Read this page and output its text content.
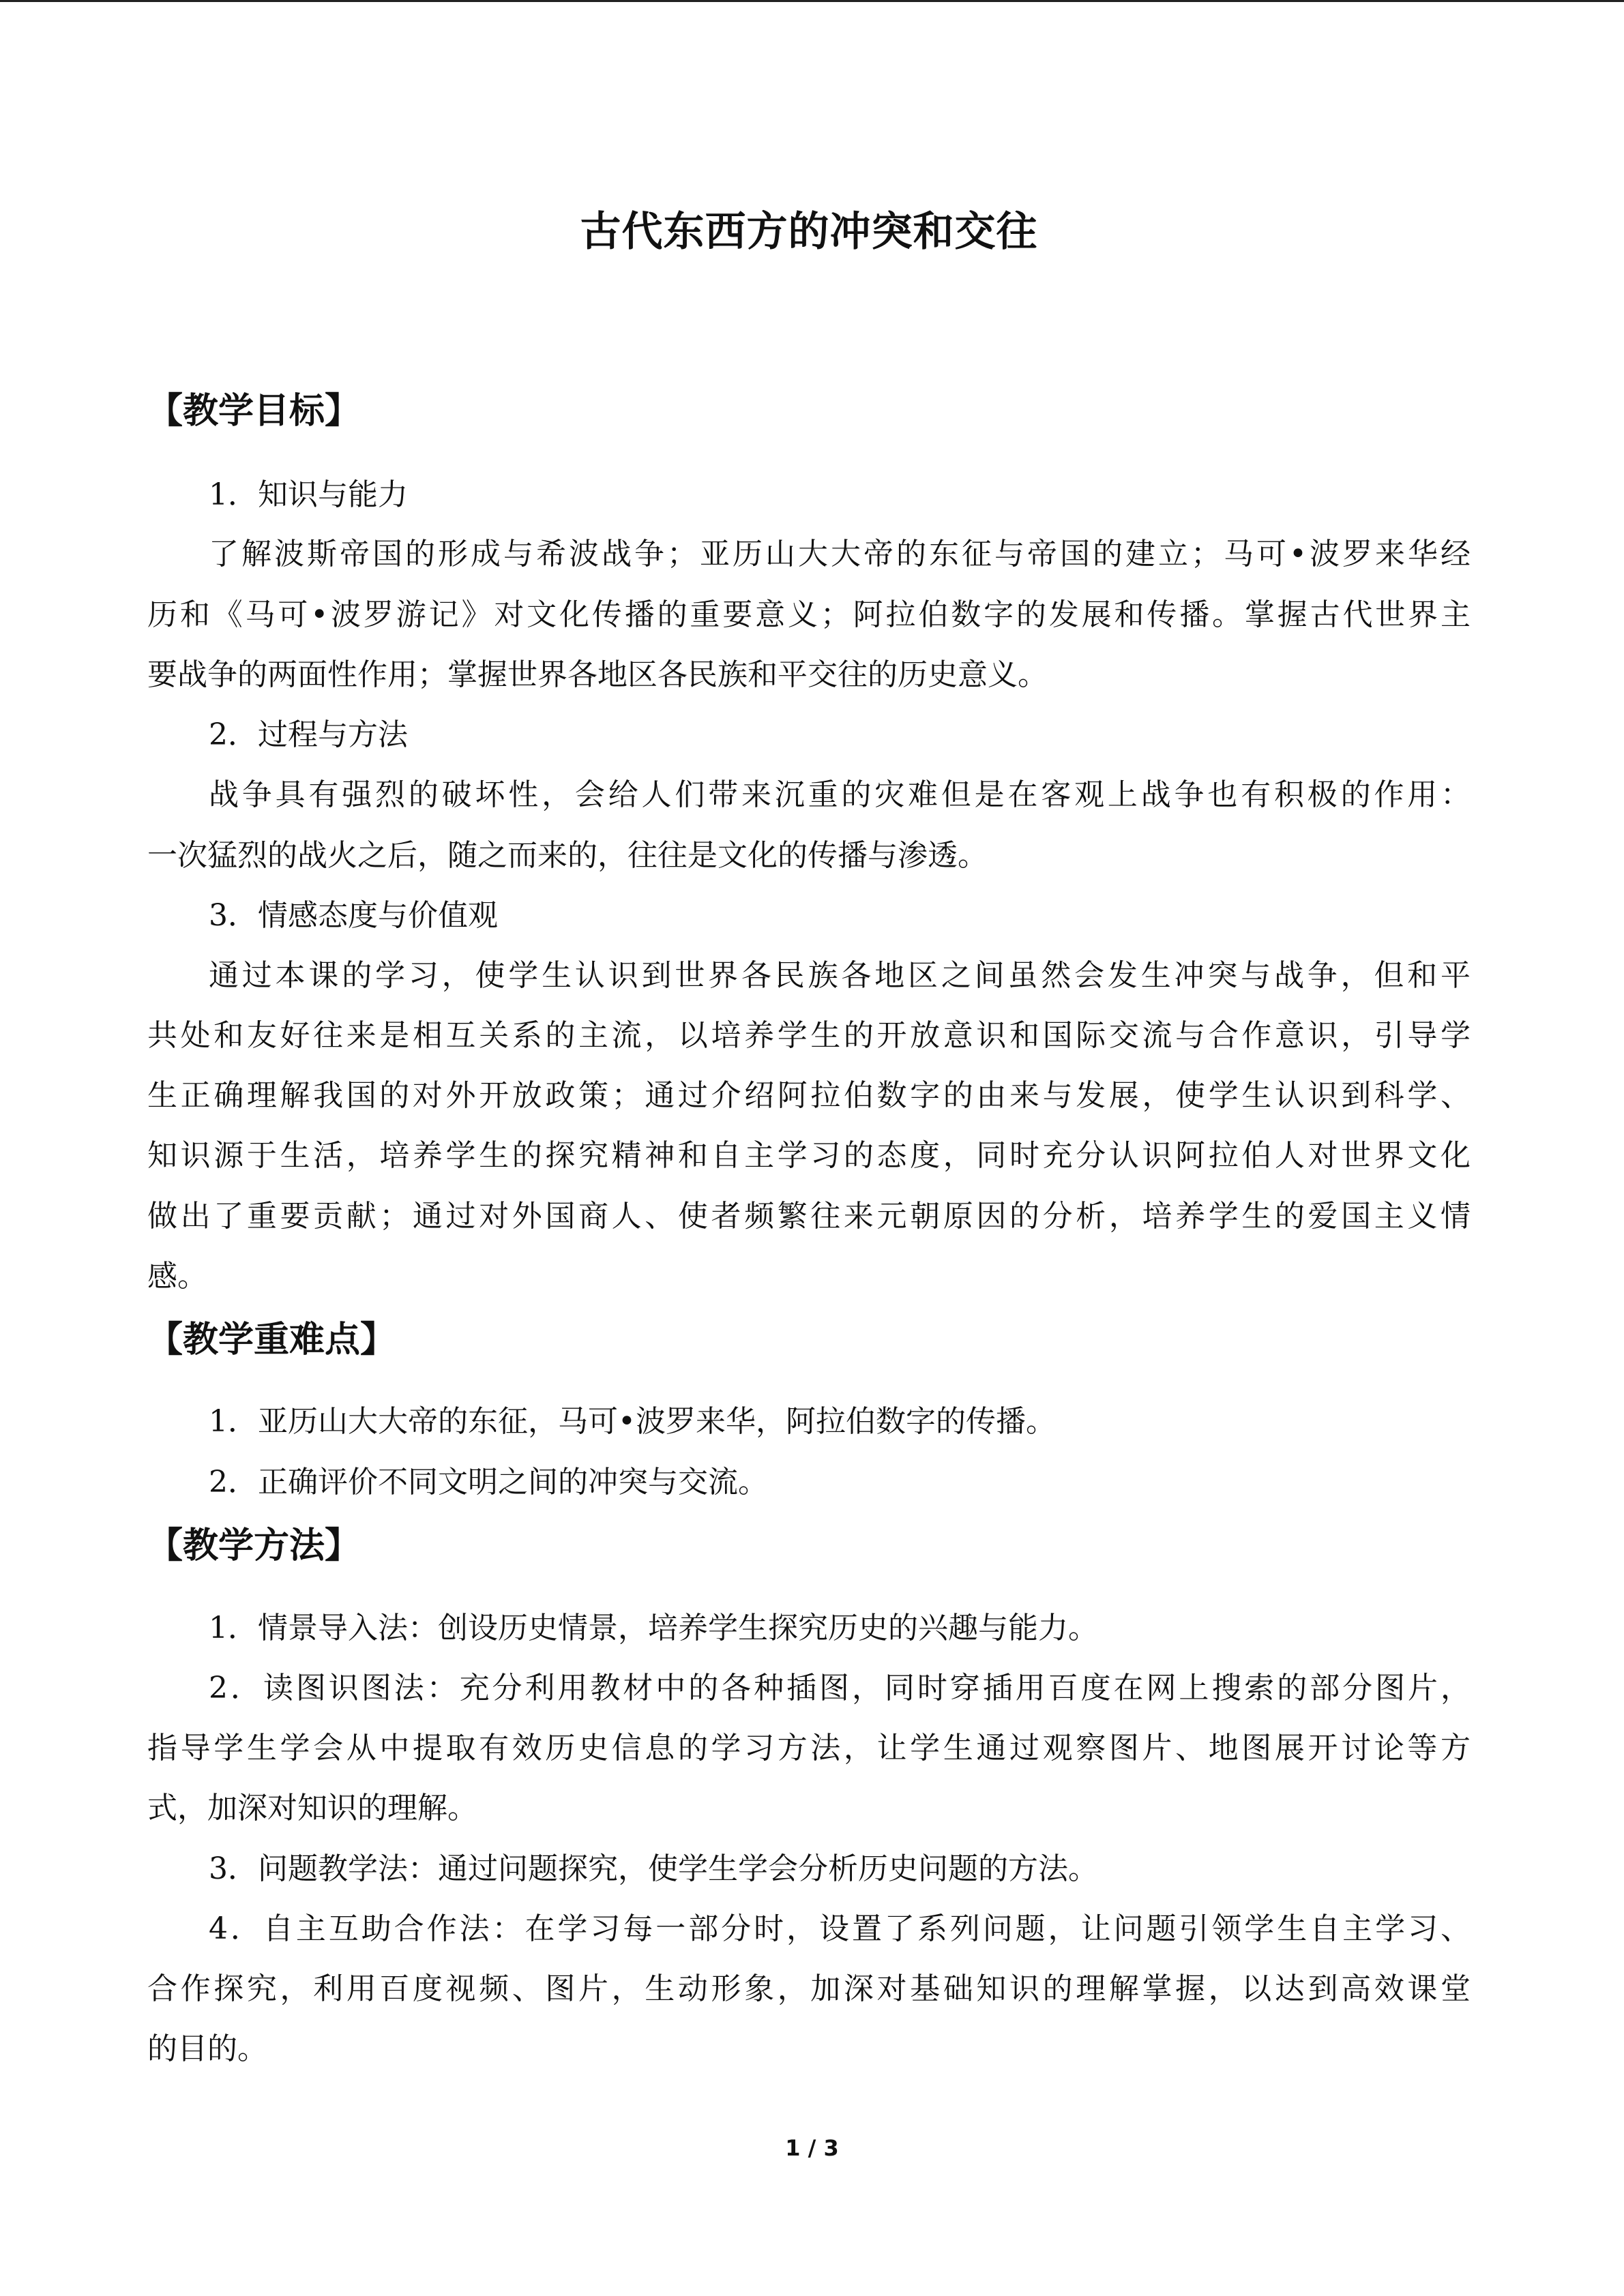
古代东西方的冲突和交往
【教学目标】
1．知识与能力
了解波斯帝国的形成与希波战争；亚历山大大帝的东征与帝国的建立；马可•波罗来华经
历和《马可•波罗游记》对文化传播的重要意义；阿拉伯数字的发展和传播。掌握古代世界主
要战争的两面性作用；掌握世界各地区各民族和平交往的历史意义。
2．过程与方法
战争具有强烈的破坏性，会给人们带来沉重的灾难但是在客观上战争也有积极的作用：
一次猛烈的战火之后，随之而来的，往往是文化的传播与渗透。
3．情感态度与价值观
通过本课的学习，使学生认识到世界各民族各地区之间虽然会发生冲突与战争，但和平
共处和友好往来是相互关系的主流，以培养学生的开放意识和国际交流与合作意识，引导学
生正确理解我国的对外开放政策；通过介绍阿拉伯数字的由来与发展，使学生认识到科学、
知识源于生活，培养学生的探究精神和自主学习的态度，同时充分认识阿拉伯人对世界文化
做出了重要贡献；通过对外国商人、使者频繁往来元朝原因的分析，培养学生的爱国主义情
感。
【教学重难点】
1．亚历山大大帝的东征，马可•波罗来华，阿拉伯数字的传播。
2．正确评价不同文明之间的冲突与交流。
【教学方法】
1．情景导入法：创设历史情景，培养学生探究历史的兴趣与能力。
2．读图识图法：充分利用教材中的各种插图，同时穿插用百度在网上搜索的部分图片，
指导学生学会从中提取有效历史信息的学习方法，让学生通过观察图片、地图展开讨论等方
式，加深对知识的理解。
3．问题教学法：通过问题探究，使学生学会分析历史问题的方法。
4．自主互助合作法：在学习每一部分时，设置了系列问题，让问题引领学生自主学习、
合作探究，利用百度视频、图片，生动形象，加深对基础知识的理解掌握，以达到高效课堂
的目的。
1 / 3
